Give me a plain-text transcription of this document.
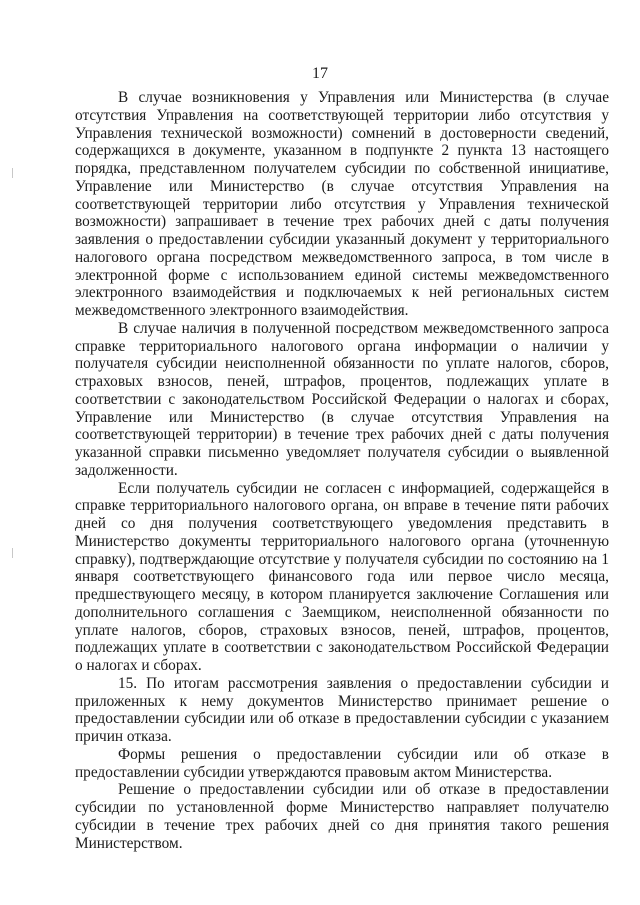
17

В случае возникновения у Управления или Министерства (в случае отсутствия Управления на соответствующей территории либо отсутствия у Управления технической возможности) сомнений в достоверности сведений, содержащихся в документе, указанном в подпункте 2 пункта 13 настоящего порядка, представленном получателем субсидии по собственной инициативе, Управление или Министерство (в случае отсутствия Управления на соответствующей территории либо отсутствия у Управления технической возможности) запрашивает в течение трех рабочих дней с даты получения заявления о предоставлении субсидии указанный документ у территориального налогового органа посредством межведомственного запроса, в том числе в электронной форме с использованием единой системы межведомственного электронного взаимодействия и подключаемых к ней региональных систем межведомственного электронного взаимодействия.

В случае наличия в полученной посредством межведомственного запроса справке территориального налогового органа информации о наличии у получателя субсидии неисполненной обязанности по уплате налогов, сборов, страховых взносов, пеней, штрафов, процентов, подлежащих уплате в соответствии с законодательством Российской Федерации о налогах и сборах, Управление или Министерство (в случае отсутствия Управления на соответствующей территории) в течение трех рабочих дней с даты получения указанной справки письменно уведомляет получателя субсидии о выявленной задолженности.

Если получатель субсидии не согласен с информацией, содержащейся в справке территориального налогового органа, он вправе в течение пяти рабочих дней со дня получения соответствующего уведомления представить в Министерство документы территориального налогового органа (уточненную справку), подтверждающие отсутствие у получателя субсидии по состоянию на 1 января соответствующего финансового года или первое число месяца, предшествующего месяцу, в котором планируется заключение Соглашения или дополнительного соглашения с Заемщиком, неисполненной обязанности по уплате налогов, сборов, страховых взносов, пеней, штрафов, процентов, подлежащих уплате в соответствии с законодательством Российской Федерации о налогах и сборах.

15. По итогам рассмотрения заявления о предоставлении субсидии и приложенных к нему документов Министерство принимает решение о предоставлении субсидии или об отказе в предоставлении субсидии с указанием причин отказа.

Формы решения о предоставлении субсидии или об отказе в предоставлении субсидии утверждаются правовым актом Министерства.

Решение о предоставлении субсидии или об отказе в предоставлении субсидии по установленной форме Министерство направляет получателю субсидии в течение трех рабочих дней со дня принятия такого решения Министерством.
